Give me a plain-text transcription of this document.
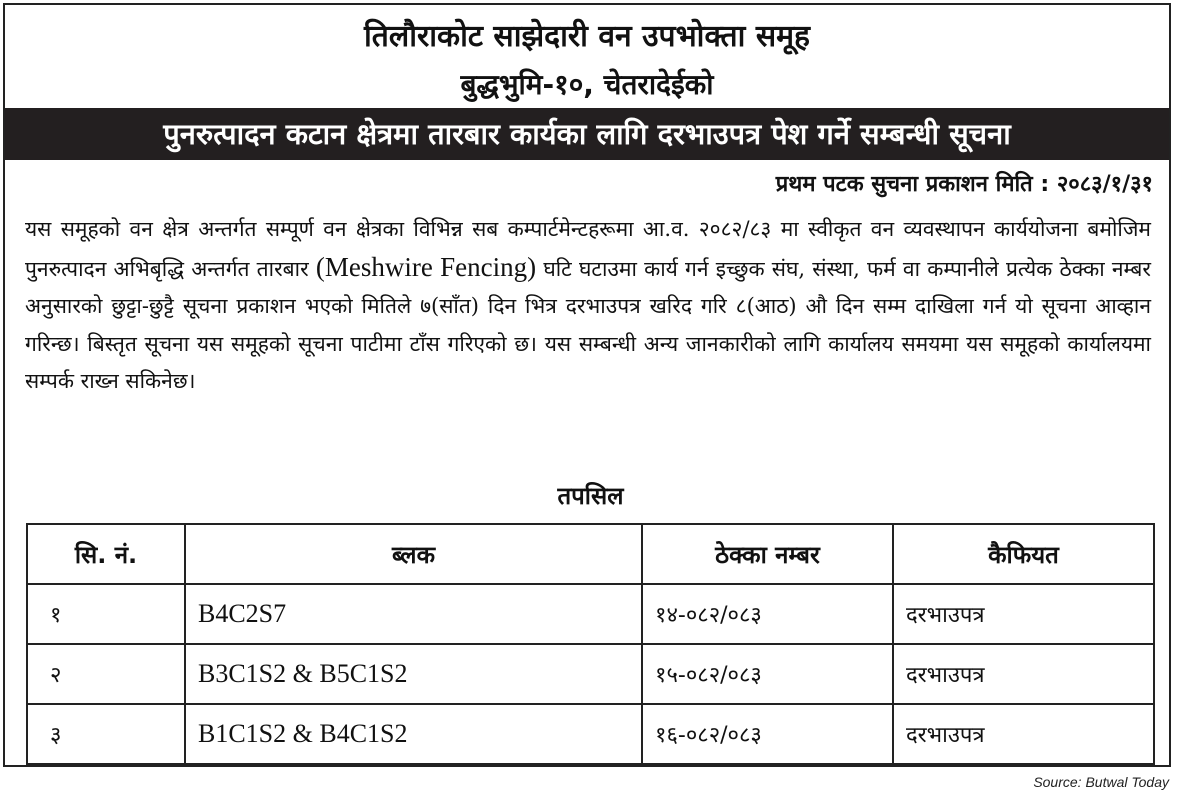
तिलौराकोट साझेदारी वन उपभोक्ता समूह
बुद्धभुमि-१०, चेतरादेईको
पुनरुत्पादन कटान क्षेत्रमा तारबार कार्यका लागि दरभाउपत्र पेश गर्ने सम्बन्धी सूचना
प्रथम पटक सुचना प्रकाशन मिति : २०८३/१/३१

यस समूहको वन क्षेत्र अन्तर्गत सम्पूर्ण वन क्षेत्रका विभिन्न सब कम्पार्टमेन्टहरूमा आ.व. २०८२/८३ मा स्वीकृत वन व्यवस्थापन कार्ययोजना बमोजिम पुनरुत्पादन अभिबृद्धि अन्तर्गत तारबार (Meshwire Fencing) घटि घटाउमा कार्य गर्न इच्छुक संघ, संस्था, फर्म वा कम्पानीले प्रत्येक ठेक्का नम्बर अनुसारको छुट्टा-छुट्टै सूचना प्रकाशन भएको मितिले ७(साँत) दिन भित्र दरभाउपत्र खरिद गरि ८(आठ) औ दिन सम्म दाखिला गर्न यो सूचना आव्हान गरिन्छ। बिस्तृत सूचना यस समूहको सूचना पाटीमा टाँस गरिएको छ। यस सम्बन्धी अन्य जानकारीको लागि कार्यालय समयमा यस समूहको कार्यालयमा सम्पर्क राख्न सकिनेछ।

तपसिल
सि. नं.	ब्लक	ठेक्का नम्बर	कैफियत
१	B4C2S7	१४-०८२/०८३	दरभाउपत्र
२	B3C1S2 & B5C1S2	१५-०८२/०८३	दरभाउपत्र
३	B1C1S2 & B4C1S2	१६-०८२/०८३	दरभाउपत्र
Source: Butwal Today
